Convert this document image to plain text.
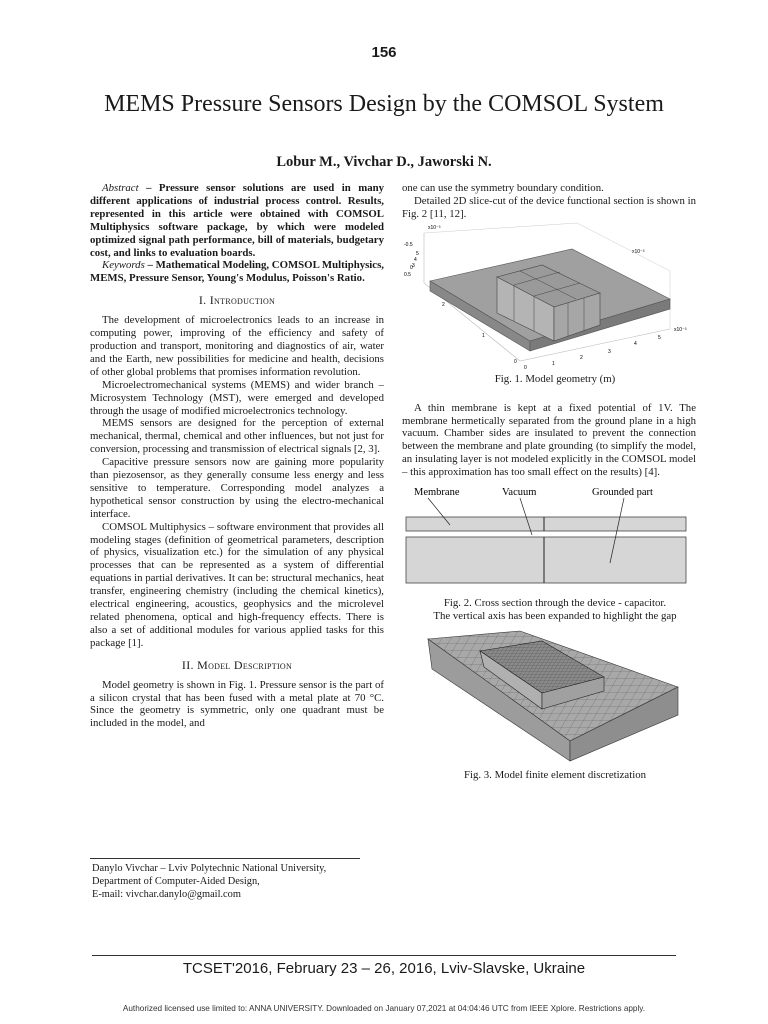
156
MEMS Pressure Sensors Design by the COMSOL System
Lobur M., Vivchar D., Jaworski N.

Abstract – Pressure sensor solutions are used in many different applications of industrial process control. Results, represented in this article were obtained with COMSOL Multiphysics software package, by which were modeled optimized signal path performance, bill of materials, budgetary cost, and links to evaluation boards.

Keywords – Mathematical Modeling, COMSOL Multiphysics, MEMS, Pressure Sensor, Young's Modulus, Poisson's Ratio.

I. Introduction

The development of microelectronics leads to an increase in computing power, improving of the efficiency and safety of production and transport, monitoring and diagnostics of air, water and the Earth, new possibilities for medicine and health, decisions of other global problems that promises information revolution.

Microelectromechanical systems (MEMS) and wider branch – Microsystem Technology (MST), were emerged and developed through the usage of modified microelectronics technology.

MEMS sensors are designed for the perception of external mechanical, thermal, chemical and other influences, but not just for conversion, processing and transmission of electrical signals [2, 3].

Capacitive pressure sensors now are gaining more popularity than piezosensor, as they generally consume less energy and less sensitive to temperature. Corresponding model analyzes a hypothetical sensor construction by using the electro-mechanical interface.

COMSOL Multiphysics – software environment that provides all modeling stages (definition of geometrical parameters, description of physics, visualization etc.) for the simulation of any physical processes that can be represented as a system of differential equations in partial derivatives. It can be: structural mechanics, heat transfer, engineering chemistry (including the chemical kinetics), electrical engineering, acoustics, geophysics and the microlevel related phenomena, optical and high-frequency effects. There is also a set of additional modules for various applied tasks for this package [1].

II. Model Description

Model geometry is shown in Fig. 1. Pressure sensor is the part of a silicon crystal that has been fused with a metal plate at 70 °C. Since the geometry is symmetric, only one quadrant must be included in the model, and

one can use the symmetry boundary condition.

Detailed 2D slice-cut of the device functional section is shown in Fig. 2 [11, 12].

x10⁻³
x10⁻³
x10⁻³
-0.5
0
0.5
5
4
3
2
1
0
0
1
2
3
4
5

Fig. 1. Model geometry (m)

A thin membrane is kept at a fixed potential of 1V. The membrane hermetically separated from the ground plane in a high vacuum. Chamber sides are insulated to prevent the connection between the membrane and plate grounding (to simplify the model, an insulating layer is not modeled explicitly in the COMSOL model – this approximation has too small effect on the results) [4].

Membrane	Vacuum	Grounded part

Fig. 2. Cross section through the device - capacitor.

The vertical axis has been expanded to highlight the gap

Fig. 3. Model finite element discretization

Danylo Vivchar – Lviv Polytechnic National University,
Department of Computer-Aided Design,
E-mail: vivchar.danylo@gmail.com
TCSET'2016, February 23 – 26, 2016, Lviv-Slavske, Ukraine
Authorized licensed use limited to: ANNA UNIVERSITY. Downloaded on January 07,2021 at 04:04:46 UTC from IEEE Xplore. Restrictions apply.
